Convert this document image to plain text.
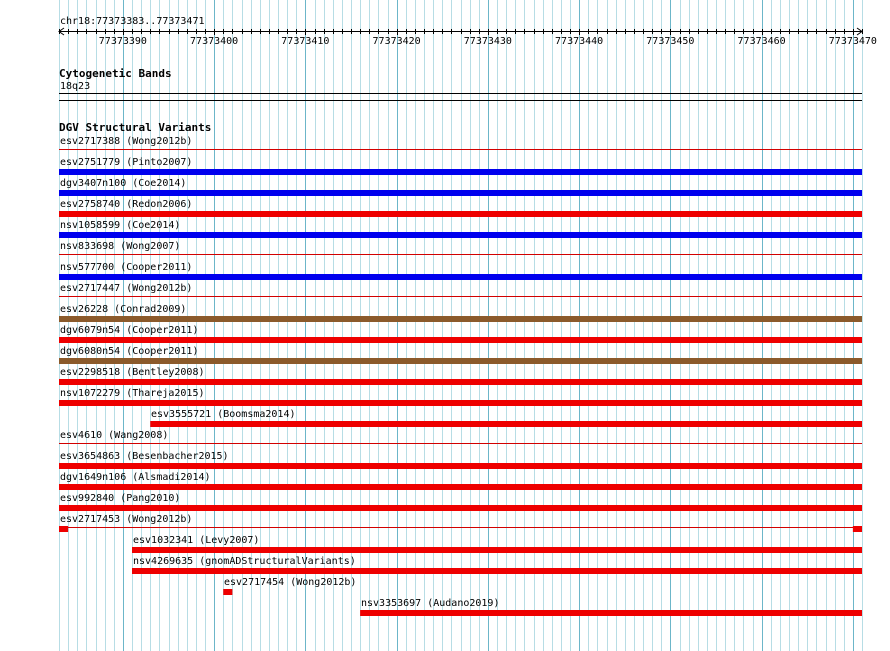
chr18:77373383..77373471
77373390	77373400	77373410	77373420	77373430	77373440	77373450	77373460	77373470
Cytogenetic Bands
18q23
DGV Structural Variants
esv2717388 (Wong2012b)
esv2751779 (Pinto2007)
dgv3407n100 (Coe2014)
esv2758740 (Redon2006)
nsv1058599 (Coe2014)
nsv833698 (Wong2007)
nsv577700 (Cooper2011)
esv2717447 (Wong2012b)
esv26228 (Conrad2009)
dgv6079n54 (Cooper2011)
dgv6080n54 (Cooper2011)
esv2298518 (Bentley2008)
nsv1072279 (Thareja2015)
esv3555721 (Boomsma2014)
esv4610 (Wang2008)
esv3654863 (Besenbacher2015)
dgv1649n106 (Alsmadi2014)
esv992840 (Pang2010)
esv2717453 (Wong2012b)
esv1032341 (Levy2007)
nsv4269635 (gnomADStructuralVariants)
esv2717454 (Wong2012b)
nsv3353697 (Audano2019)
